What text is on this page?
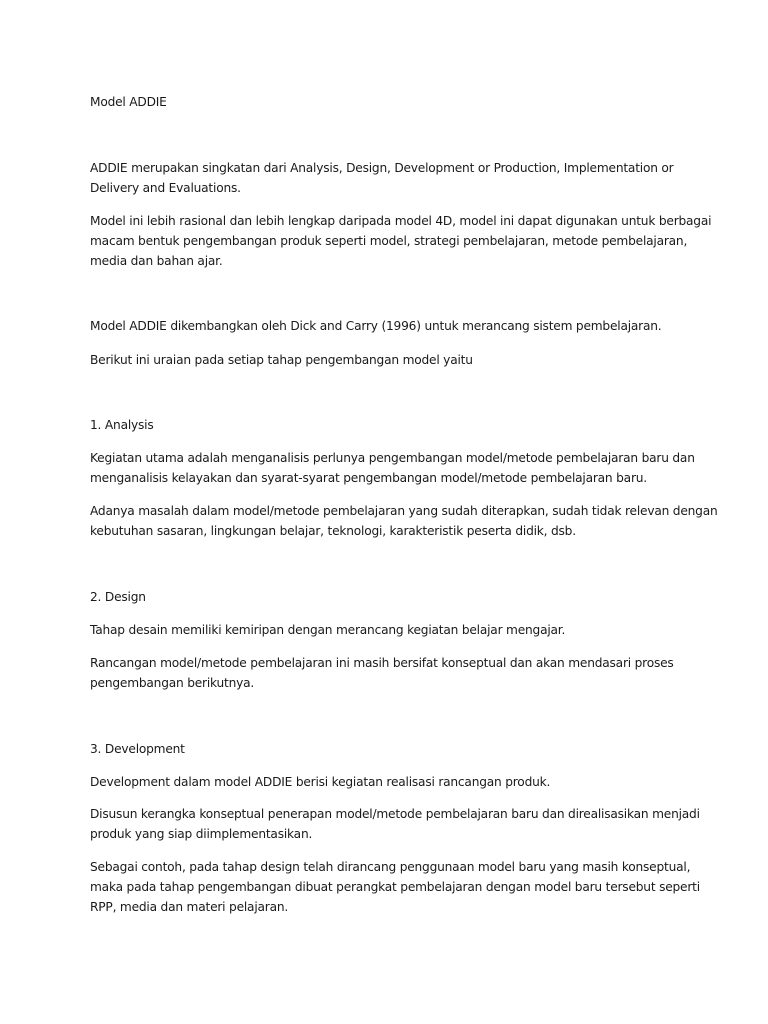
Model ADDIE

ADDIE merupakan singkatan dari Analysis, Design, Development or Production, Implementation or

Delivery and Evaluations.

Model ini lebih rasional dan lebih lengkap daripada model 4D, model ini dapat digunakan untuk berbagai

macam bentuk pengembangan produk seperti model, strategi pembelajaran, metode pembelajaran,

media dan bahan ajar.

Model ADDIE dikembangkan oleh Dick and Carry (1996) untuk merancang sistem pembelajaran.

Berikut ini uraian pada setiap tahap pengembangan model yaitu

1. Analysis

Kegiatan utama adalah menganalisis perlunya pengembangan model/metode pembelajaran baru dan

menganalisis kelayakan dan syarat-syarat pengembangan model/metode pembelajaran baru.

Adanya masalah dalam model/metode pembelajaran yang sudah diterapkan, sudah tidak relevan dengan

kebutuhan sasaran, lingkungan belajar, teknologi, karakteristik peserta didik, dsb.

2. Design

Tahap desain memiliki kemiripan dengan merancang kegiatan belajar mengajar.

Rancangan model/metode pembelajaran ini masih bersifat konseptual dan akan mendasari proses

pengembangan berikutnya.

3. Development

Development dalam model ADDIE berisi kegiatan realisasi rancangan produk.

Disusun kerangka konseptual penerapan model/metode pembelajaran baru dan direalisasikan menjadi

produk yang siap diimplementasikan.

Sebagai contoh, pada tahap design telah dirancang penggunaan model baru yang masih konseptual,

maka pada tahap pengembangan dibuat perangkat pembelajaran dengan model baru tersebut seperti

RPP, media dan materi pelajaran.
